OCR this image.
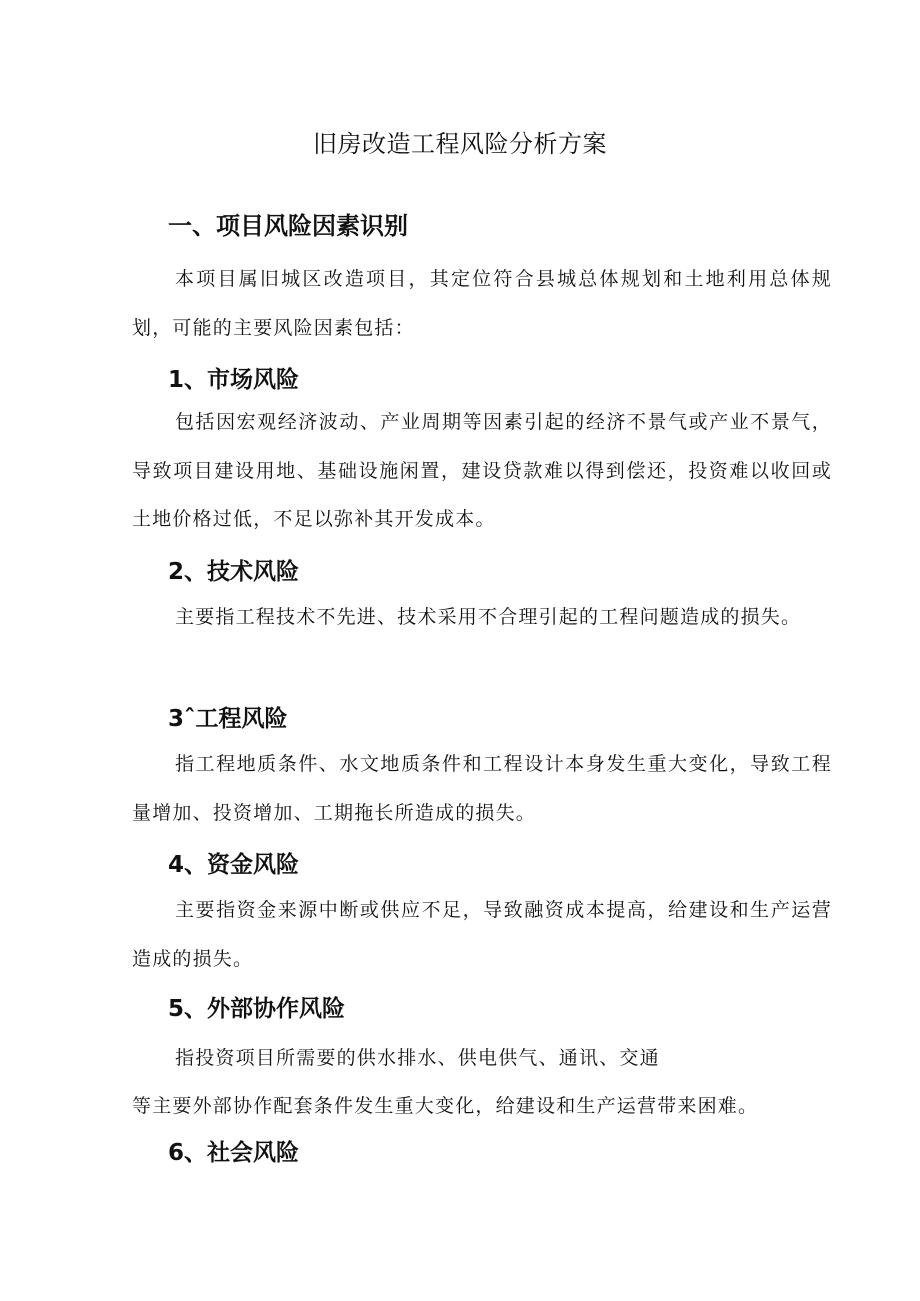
旧房改造工程风险分析方案
一、项目风险因素识别

本项目属旧城区改造项目，其定位符合县城总体规划和土地利用总体规划，可能的主要风险因素包括：

1、市场风险

包括因宏观经济波动、产业周期等因素引起的经济不景气或产业不景气，导致项目建设用地、基础设施闲置，建设贷款难以得到偿还，投资难以收回或土地价格过低，不足以弥补其开发成本。

2、技术风险

主要指工程技术不先进、技术采用不合理引起的工程问题造成的损失。

3ˆ工程风险

指工程地质条件、水文地质条件和工程设计本身发生重大变化，导致工程量增加、投资增加、工期拖长所造成的损失。

4、资金风险

主要指资金来源中断或供应不足，导致融资成本提高，给建设和生产运营造成的损失。

5、外部协作风险
指投资项目所需要的供水排水、供电供气、通讯、交通
等主要外部协作配套条件发生重大变化，给建设和生产运营带来困难。
6、社会风险
